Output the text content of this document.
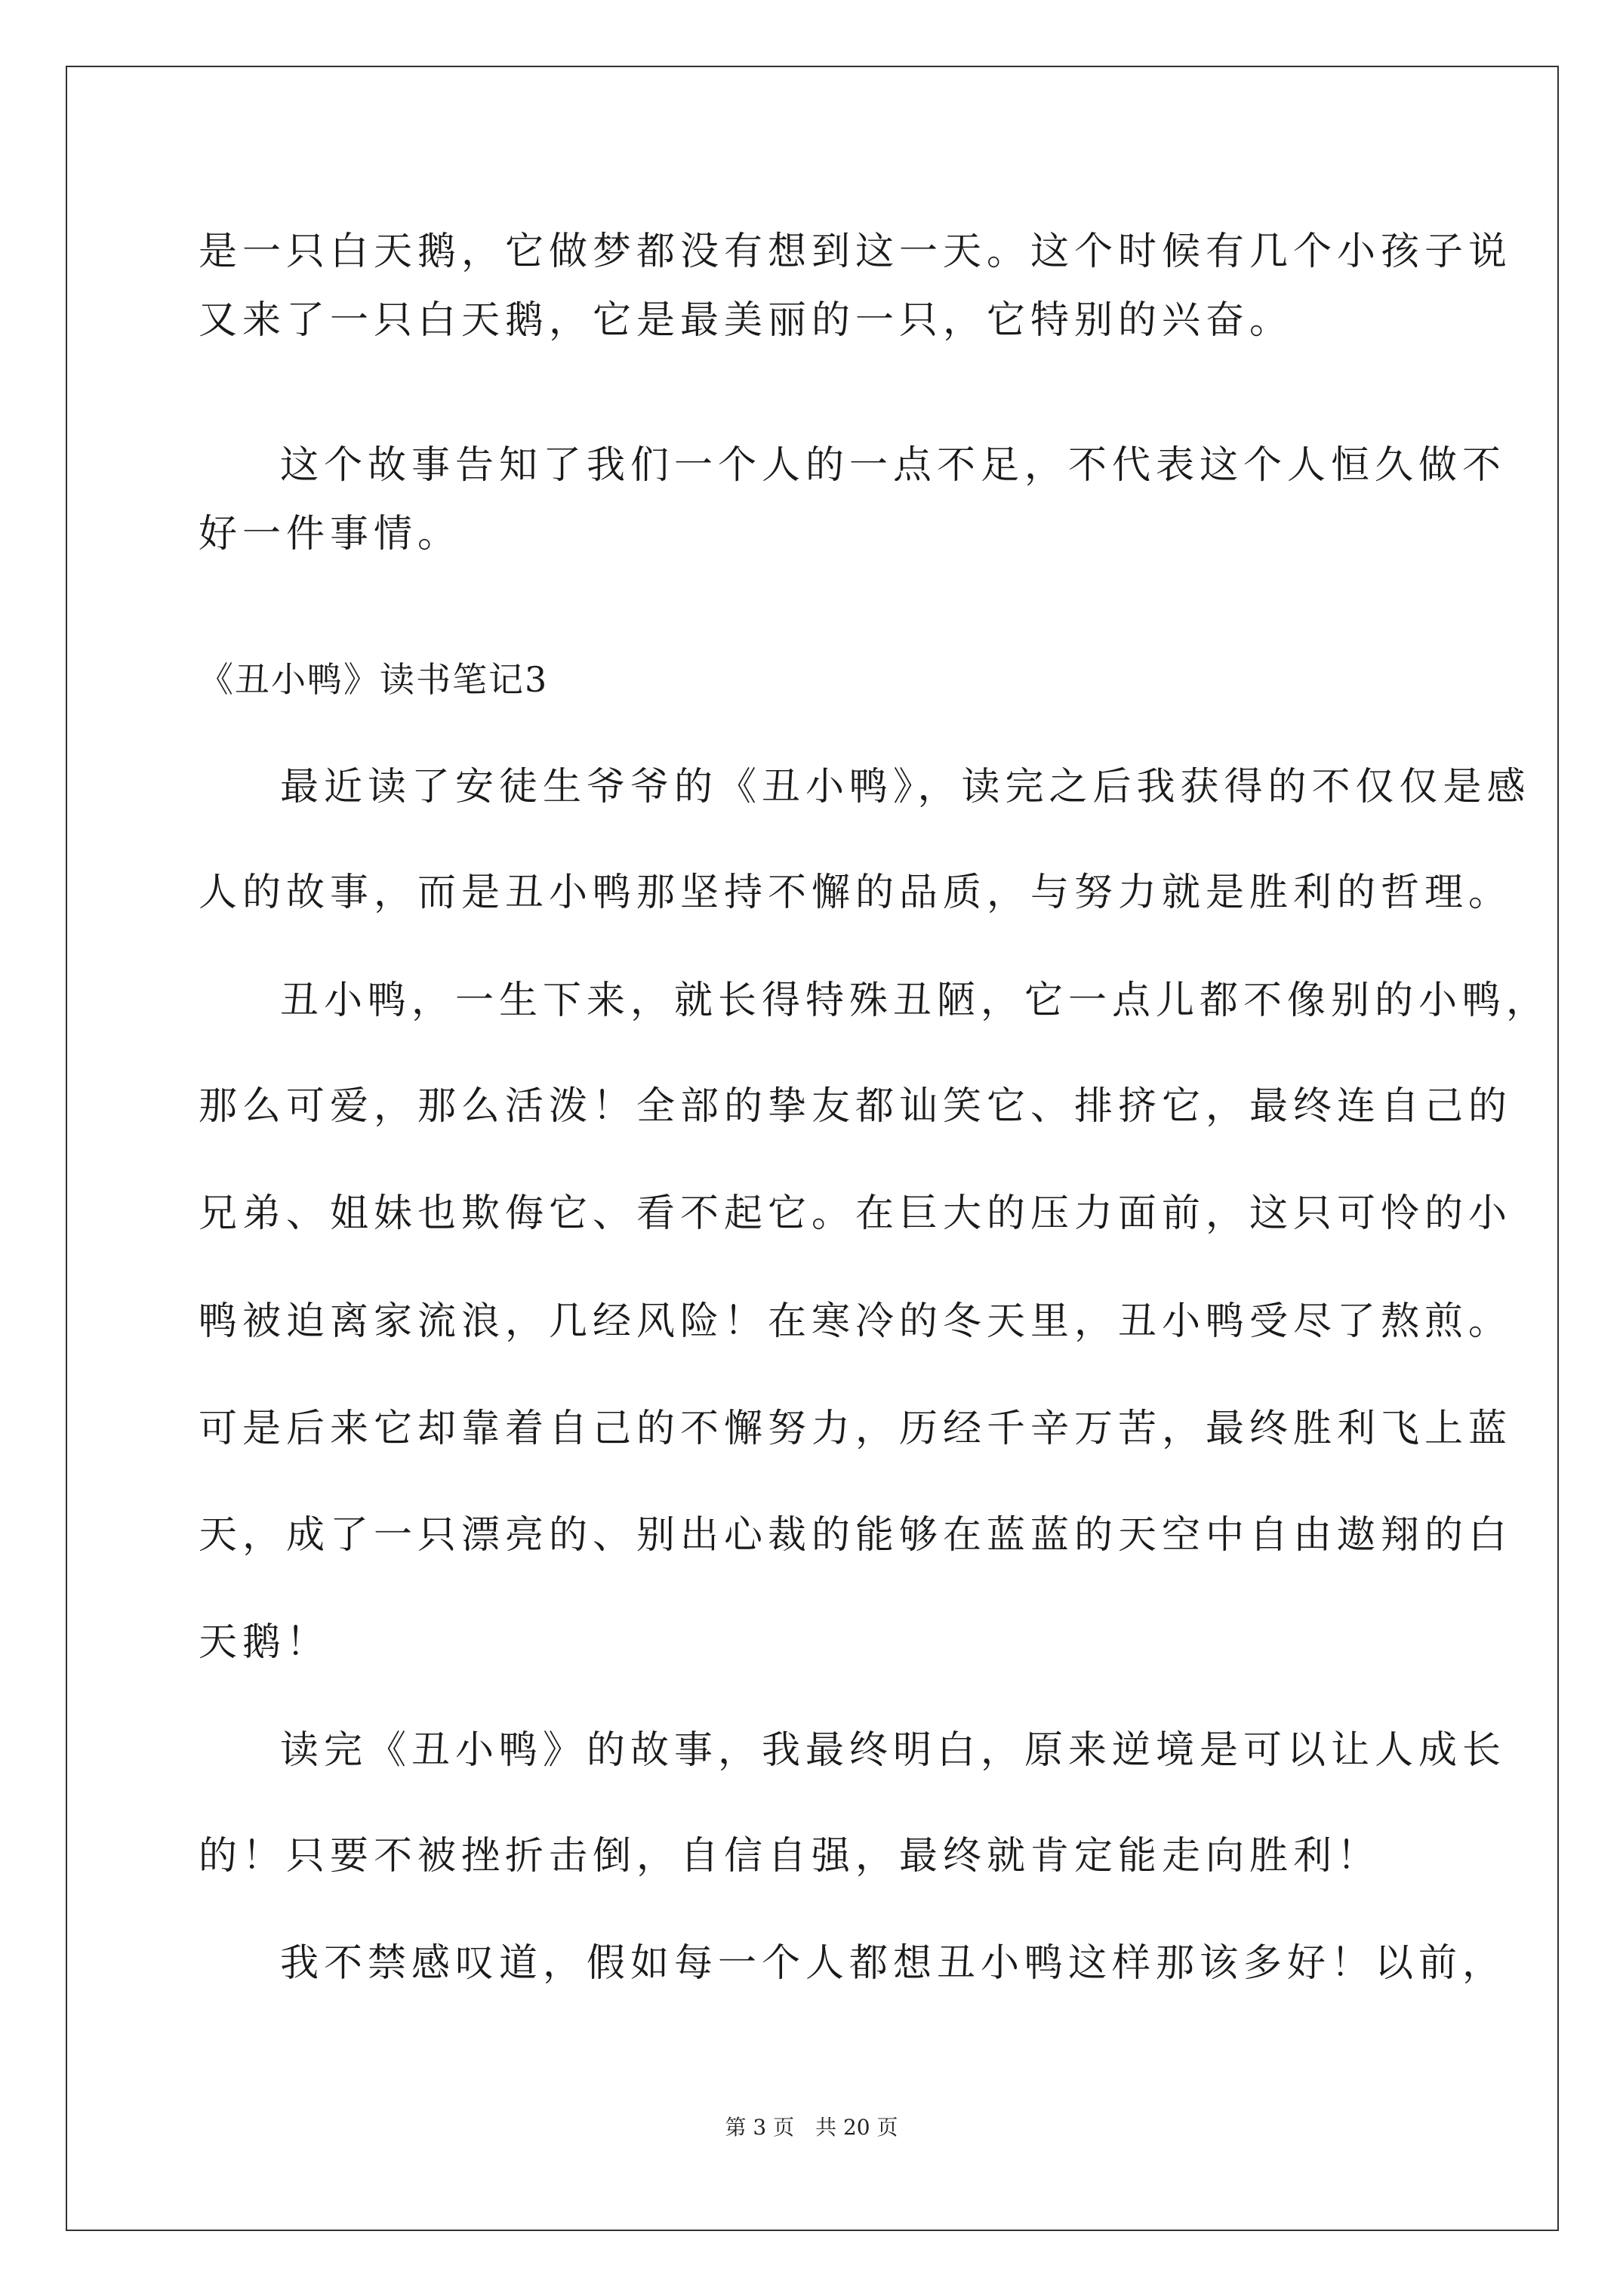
是一只白天鹅，它做梦都没有想到这一天。这个时候有几个小孩子说
又来了一只白天鹅，它是最美丽的一只，它特别的兴奋。
这个故事告知了我们一个人的一点不足，不代表这个人恒久做不
好一件事情。
《丑小鸭》读书笔记3
最近读了安徒生爷爷的《丑小鸭》，读完之后我获得的不仅仅是感
人的故事，而是丑小鸭那坚持不懈的品质，与努力就是胜利的哲理。
丑小鸭，一生下来，就长得特殊丑陋，它一点儿都不像别的小鸭，
那么可爱，那么活泼！全部的挚友都讪笑它、排挤它，最终连自己的
兄弟、姐妹也欺侮它、看不起它。在巨大的压力面前，这只可怜的小
鸭被迫离家流浪，几经风险！在寒冷的冬天里，丑小鸭受尽了熬煎。
可是后来它却靠着自己的不懈努力，历经千辛万苦，最终胜利飞上蓝
天，成了一只漂亮的、别出心裁的能够在蓝蓝的天空中自由遨翔的白
天鹅！
读完《丑小鸭》的故事，我最终明白，原来逆境是可以让人成长
的！只要不被挫折击倒，自信自强，最终就肯定能走向胜利！
我不禁感叹道，假如每一个人都想丑小鸭这样那该多好！以前，
第 3 页　共 20 页
